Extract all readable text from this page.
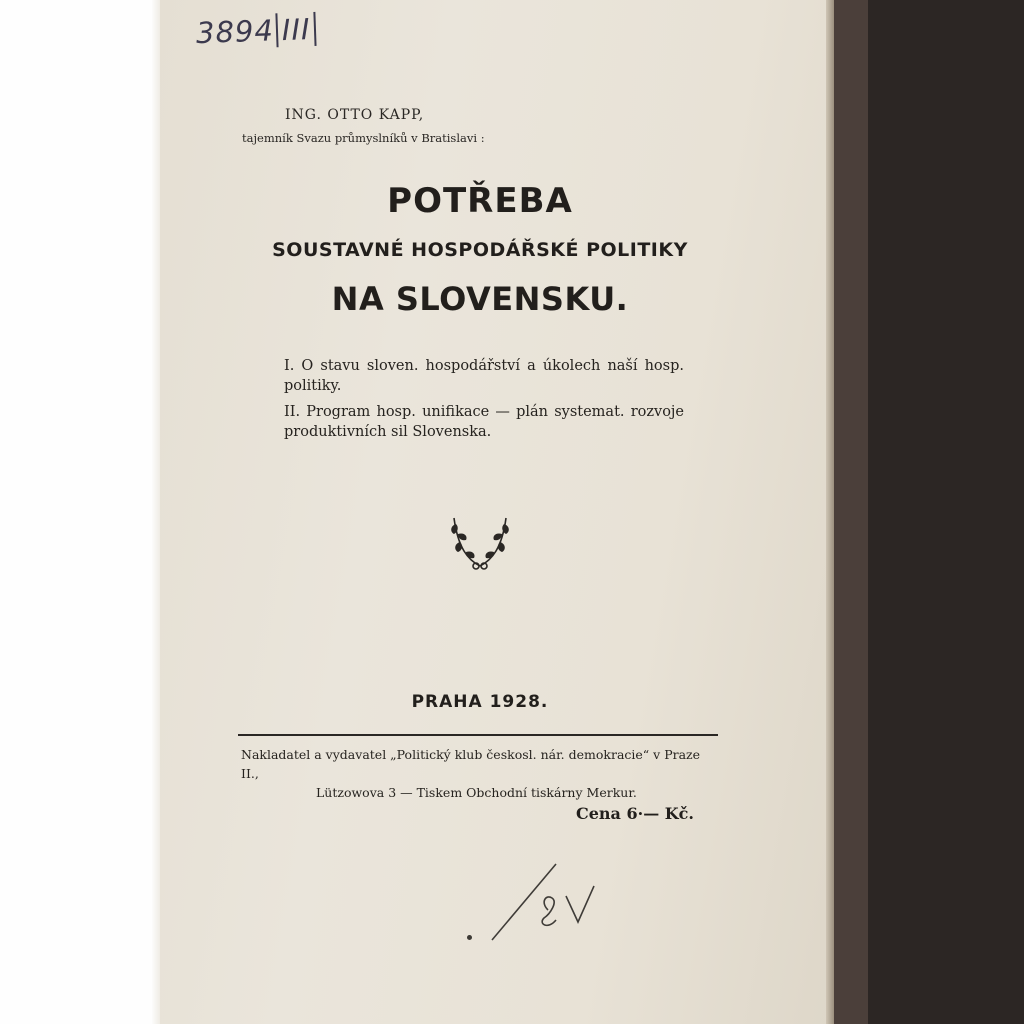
3894 III
ING. OTTO KAPP,
tajemník Svazu průmyslníků v Bratislavi :
POTŘEBA
SOUSTAVNÉ HOSPODÁŘSKÉ POLITIKY
NA SLOVENSKU.
I. O stavu sloven. hospodářství a úkolech naší hosp. politiky.
II. Program hosp. unifikace — plán systemat. rozvoje produktivních sil Slovenska.
PRAHA 1928.
Nakladatel a vydavatel „Politický klub českosl. nár. demokracie“ v Praze II.,
Lützowova 3 — Tiskem Obchodní tiskárny Merkur.
Cena 6·— Kč.
